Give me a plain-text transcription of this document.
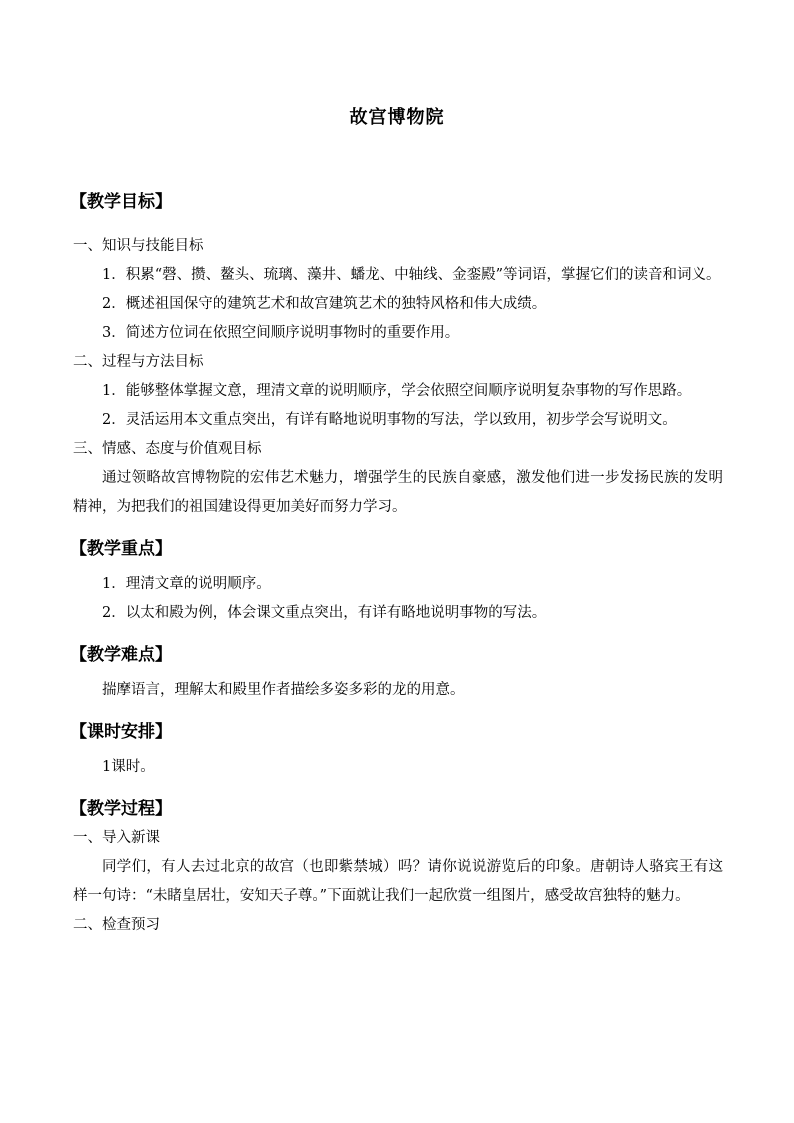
故宫博物院

【教学目标】

一、知识与技能目标

1．积累“磬、攒、鳌头、琉璃、藻井、蟠龙、中轴线、金銮殿”等词语，掌握它们的读音和词义。

2．概述祖国保守的建筑艺术和故宫建筑艺术的独特风格和伟大成绩。

3．简述方位词在依照空间顺序说明事物时的重要作用。

二、过程与方法目标

1．能够整体掌握文意，理清文章的说明顺序，学会依照空间顺序说明复杂事物的写作思路。

2．灵活运用本文重点突出，有详有略地说明事物的写法，学以致用，初步学会写说明文。

三、情感、态度与价值观目标

通过领略故宫博物院的宏伟艺术魅力，增强学生的民族自豪感，激发他们进一步发扬民族的发明精神，为把我们的祖国建设得更加美好而努力学习。

【教学重点】

1．理清文章的说明顺序。

2．以太和殿为例，体会课文重点突出，有详有略地说明事物的写法。

【教学难点】

揣摩语言，理解太和殿里作者描绘多姿多彩的龙的用意。

【课时安排】

1课时。

【教学过程】

一、导入新课

同学们，有人去过北京的故宫（也即紫禁城）吗？请你说说游览后的印象。唐朝诗人骆宾王有这样一句诗：“未睹皇居壮，安知天子尊。”下面就让我们一起欣赏一组图片，感受故宫独特的魅力。

二、检查预习
